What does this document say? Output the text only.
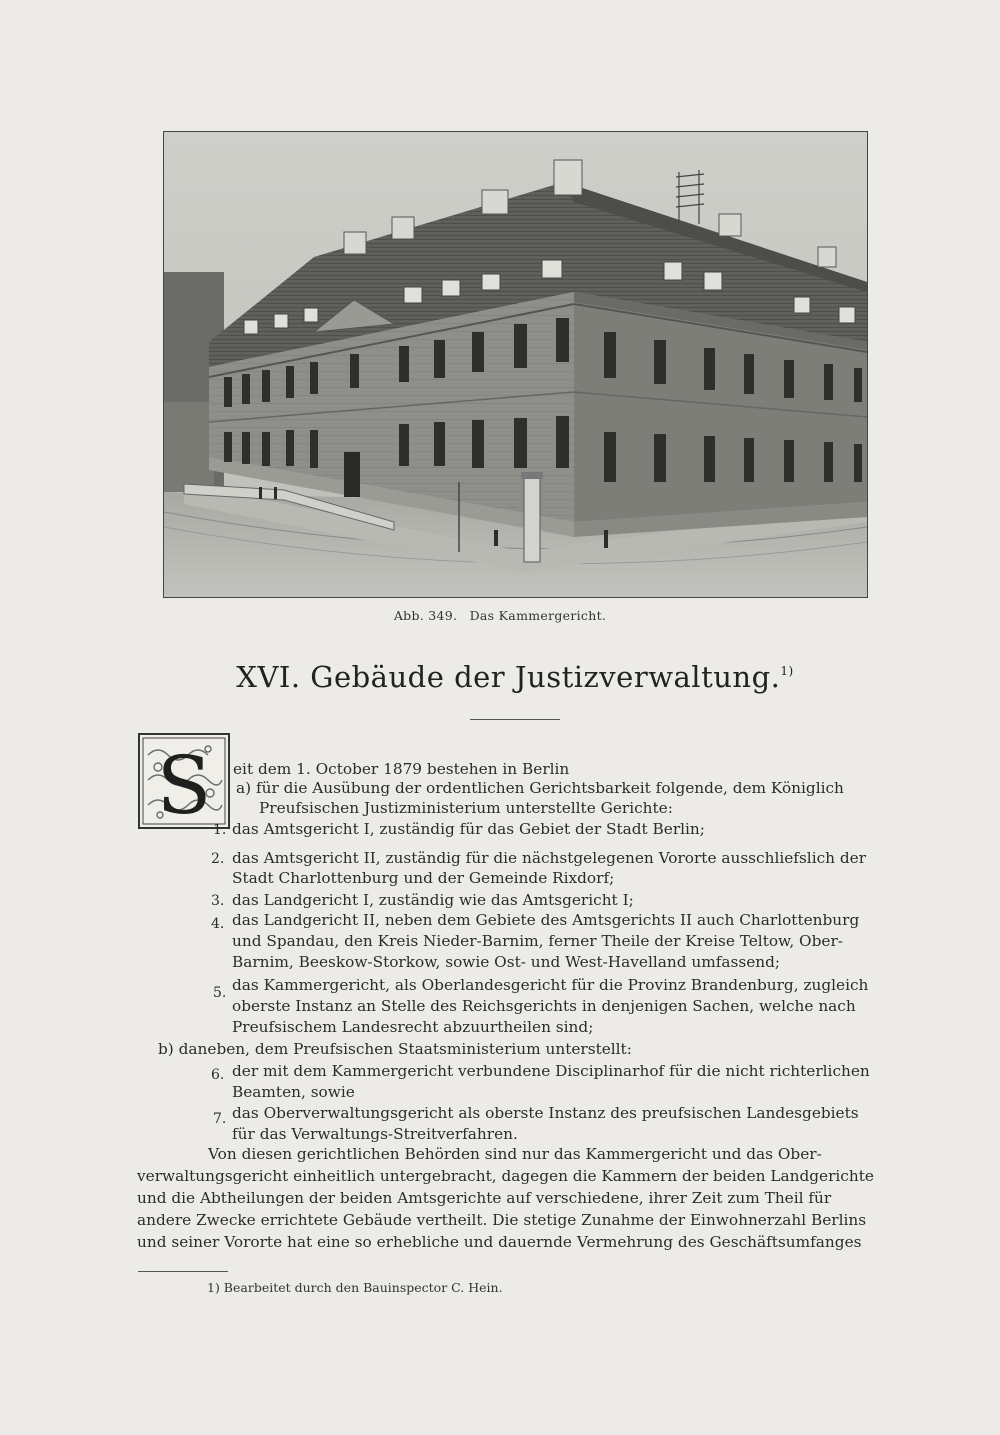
Abb. 349. Das Kammergericht.
XVI. Gebäude der Justizverwaltung.$^{1)}$
S eit dem 1. October 1879 bestehen in Berlin
a) für die Ausübung der ordentlichen Gerichtsbarkeit folgende, dem Königlich
Preufsischen Justizministerium unterstellte Gerichte:
1. das Amtsgericht I, zuständig für das Gebiet der Stadt Berlin;
2. das Amtsgericht II, zuständig für die nächstgelegenen Vororte ausschliefslich der
Stadt Charlottenburg und der Gemeinde Rixdorf;
3. das Landgericht I, zuständig wie das Amtsgericht I;
4. das Landgericht II, neben dem Gebiete des Amtsgerichts II auch Charlottenburg
und Spandau, den Kreis Nieder-Barnim, ferner Theile der Kreise Teltow, Ober-
Barnim, Beeskow-Storkow, sowie Ost- und West-Havelland umfassend;
5. das Kammergericht, als Oberlandesgericht für die Provinz Brandenburg, zugleich
oberste Instanz an Stelle des Reichsgerichts in denjenigen Sachen, welche nach
Preufsischem Landesrecht abzuurtheilen sind;
b) daneben, dem Preufsischen Staatsministerium unterstellt:
6. der mit dem Kammergericht verbundene Disciplinarhof für die nicht richterlichen
Beamten, sowie
7. das Oberverwaltungsgericht als oberste Instanz des preufsischen Landesgebiets
für das Verwaltungs-Streitverfahren.
Von diesen gerichtlichen Behörden sind nur das Kammergericht und das Ober-
verwaltungsgericht einheitlich untergebracht, dagegen die Kammern der beiden Landgerichte
und die Abtheilungen der beiden Amtsgerichte auf verschiedene, ihrer Zeit zum Theil für
andere Zwecke errichtete Gebäude vertheilt. Die stetige Zunahme der Einwohnerzahl Berlins
und seiner Vororte hat eine so erhebliche und dauernde Vermehrung des Geschäftsumfanges
1) Bearbeitet durch den Bauinspector C. Hein.
